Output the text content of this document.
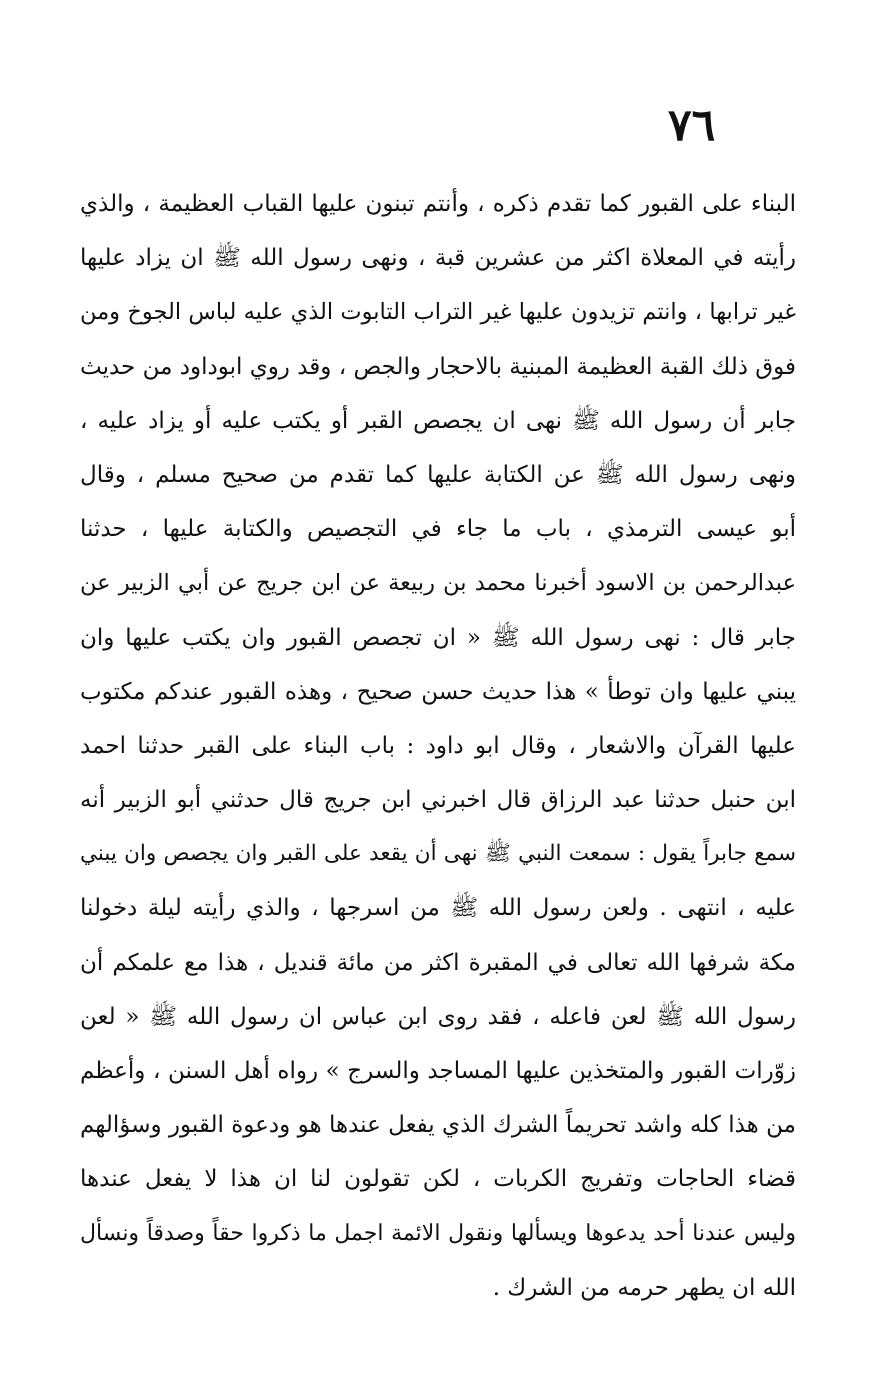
٧٦
البناء على القبور كما تقدم ذكره ، وأنتم تبنون عليها القباب العظيمة ، والذي
رأيته في المعلاة اكثر من عشرين قبة ، ونهى رسول الله ﷺ ان يزاد عليها
غير ترابها ، وانتم تزيدون عليها غير التراب التابوت الذي عليه لباس الجوخ ومن
فوق ذلك القبة العظيمة المبنية بالاحجار والجص ، وقد روي ابوداود من حديث
جابر أن رسول الله ﷺ نهى ان يجصص القبر أو يكتب عليه أو يزاد عليه ،
ونهى رسول الله ﷺ عن الكتابة عليها كما تقدم من صحيح مسلم ، وقال
أبو عيسى الترمذي ، باب ما جاء في التجصيص والكتابة عليها ، حدثنا
عبدالرحمن بن الاسود أخبرنا محمد بن ربيعة عن ابن جريج عن أبي الزبير عن
جابر قال : نهى رسول الله ﷺ « ان تجصص القبور وان يكتب عليها وان
يبني عليها وان توطأ » هذا حديث حسن صحيح ، وهذه القبور عندكم مكتوب
عليها القرآن والاشعار ، وقال ابو داود : باب البناء على القبر حدثنا احمد
ابن حنبل حدثنا عبد الرزاق قال اخبرني ابن جريج قال حدثني أبو الزبير أنه
سمع جابراً يقول : سمعت النبي ﷺ نهى أن يقعد على القبر وان يجصص وان يبني
عليه ، انتهى . ولعن رسول الله ﷺ من اسرجها ، والذي رأيته ليلة دخولنا
مكة شرفها الله تعالى في المقبرة اكثر من مائة قنديل ، هذا مع علمكم أن
رسول الله ﷺ لعن فاعله ، فقد روى ابن عباس ان رسول الله ﷺ « لعن
زوّرات القبور والمتخذين عليها المساجد والسرج » رواه أهل السنن ، وأعظم
من هذا كله واشد تحريماً الشرك الذي يفعل عندها هو ودعوة القبور وسؤالهم
قضاء الحاجات وتفريج الكربات ، لكن تقولون لنا ان هذا لا يفعل عندها
وليس عندنا أحد يدعوها ويسألها ونقول الائمة اجمل ما ذكروا حقاً وصدقاً ونسأل
الله ان يطهر حرمه من الشرك .
